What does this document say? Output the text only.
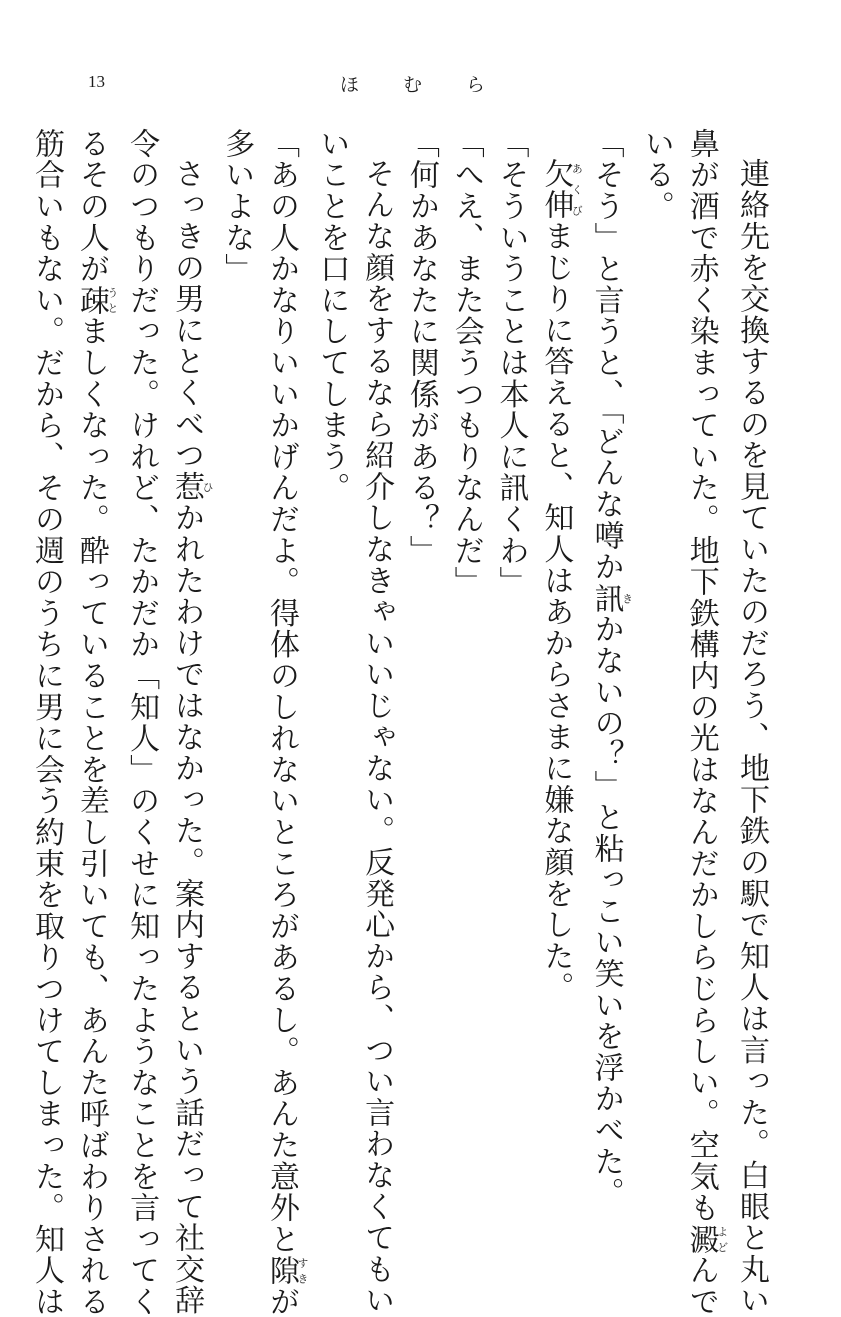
13	ほむら

連絡先を交換するのを見ていたのだろう、地下鉄の駅で知人は言った。白眼と丸い

鼻が酒で赤く染まっていた。地下鉄構内の光はなんだかしらじらしい。空気も澱よどんで

いる。

「そう」と言うと、「どんな噂か訊きかないの？」と粘っこい笑いを浮かべた。

欠伸あくびまじりに答えると、知人はあからさまに嫌な顔をした。

「そういうことは本人に訊くわ」

「へえ、また会うつもりなんだ」

「何かあなたに関係がある？」

そんな顔をするなら紹介しなきゃいいじゃない。反発心から、つい言わなくてもい

いことを口にしてしまう。

「あの人かなりいいかげんだよ。得体のしれないところがあるし。あんた意外と隙すきが

多いよな」

さっきの男にとくべつ惹ひかれたわけではなかった。案内するという話だって社交辞

令のつもりだった。けれど、たかだか「知人」のくせに知ったようなことを言ってく

るその人が疎うとましくなった。酔っていることを差し引いても、あんた呼ばわりされる

筋合いもない。だから、その週のうちに男に会う約束を取りつけてしまった。知人は
